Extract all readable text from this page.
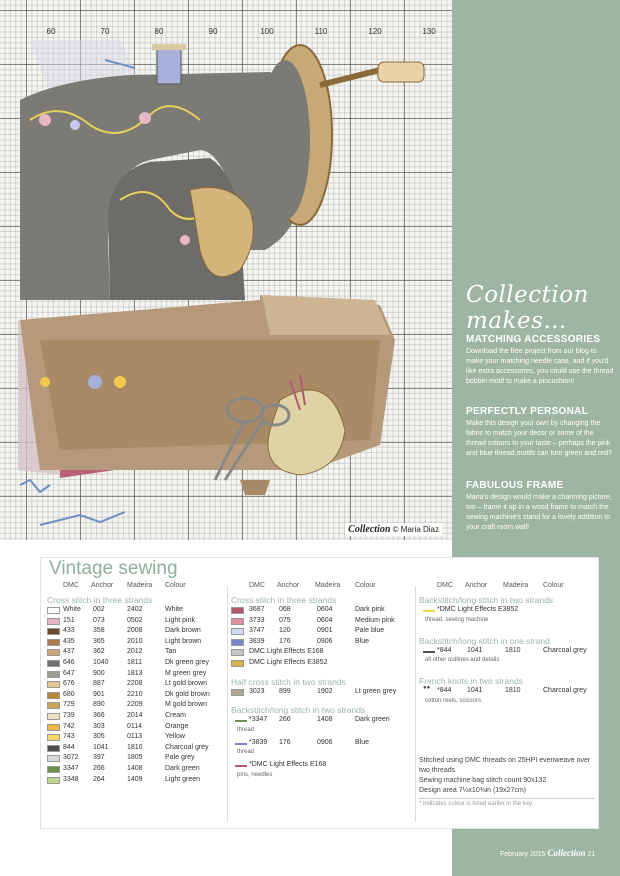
60	70	80	90	100	110	120	130
Collection © Maria Diaz
Collection
makes…
MATCHING ACCESSORIES

Download the free project from our blog to make your matching needle case, and if you'd like extra accessories, you could use the thread bobbin motif to make a pincushion!

PERFECTLY PERSONAL

Make this design your own by changing the fabric to match your decor or some of the thread colours to your taste – perhaps the pink and blue thread motifs can turn green and red?

FABULOUS FRAME

Maria's design would make a charming picture, too – frame it up in a wood frame to match the sewing machine's stand for a lovely addition to your craft room wall!

Vintage sewing
DMC Anchor Madeira Colour
Cross stitch in three strands
White 002	2402	White
151	073	0502	Light pink
433	358	2008	Dark brown
435	365	2010	Light brown
437	362	2012	Tan
646	1040	1811	Dk green grey
647	900	1813	M green grey
676	887	2208	Lt gold brown
680	901	2210	Dk gold brown
729	890	2209	M gold brown
739	366	2014	Cream
742	303	0114	Orange
743	305	0113	Yellow
844	1041	1810	Charcoal grey
3072 397	1805	Pale grey
3347 266	1408	Dark green
3348 264	1409	Light green
DMC Anchor Madeira Colour
Cross stitch in three strands
3687 068	0604	Dark pink
3733 075	0604	Medium pink
3747 120	0901	Pale blue
3839 176	0906	Blue
DMC Light Effects E168
DMC Light Effects E3852
Half cross stitch in two strands
3023 899	1902	Lt green grey
Backstitch/long stitch in two strands
*3347 266	1408	Dark green
thread
*3839 176	0906	Blue
thread
*DMC Light Effects E168
pins, needles
DMC Anchor Madeira Colour
Backstitch/long stitch in two strands
*DMC Light Effects E3852
thread, sewing machine
Backstitch/long stitch in one strand
*844 1041	1810	Charcoal grey
all other outlines and details
French knots in two strands
●● *844 1041	1810	Charcoal grey
cotton reels, scissors
Stitched using DMC threads on 25HPI evenweave over two threads
Sewing machine bag stitch count 90x132
Design area 7¼x10⅜in (19x27cm)
* indicates colour is listed earlier in the key
February 2015 Collection 21
